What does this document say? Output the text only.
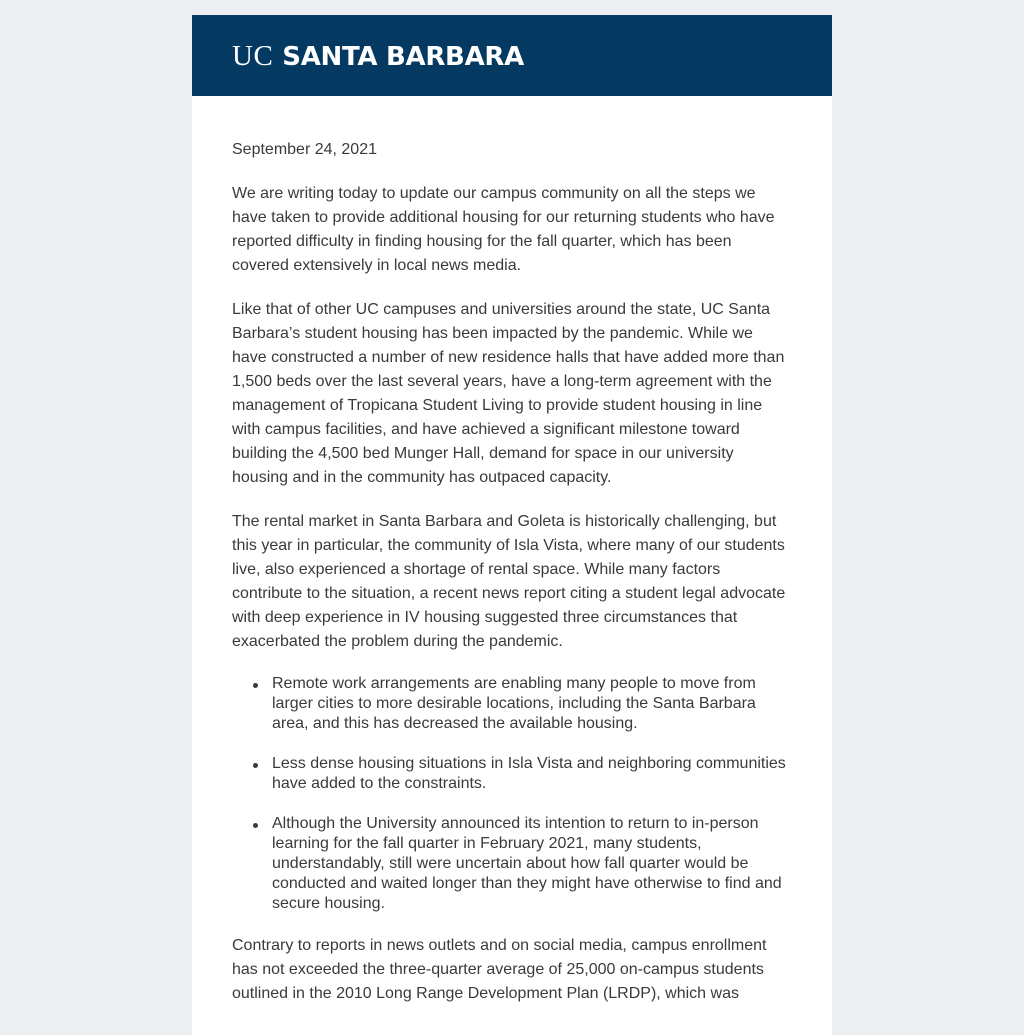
UC SANTA BARBARA

September 24, 2021

We are writing today to update our campus community on all the steps we have taken to provide additional housing for our returning students who have reported difficulty in finding housing for the fall quarter, which has been covered extensively in local news media.

Like that of other UC campuses and universities around the state, UC Santa Barbara’s student housing has been impacted by the pandemic. While we have constructed a number of new residence halls that have added more than 1,500 beds over the last several years, have a long-term agreement with the management of Tropicana Student Living to provide student housing in line with campus facilities, and have achieved a significant milestone toward building the 4,500 bed Munger Hall, demand for space in our university housing and in the community has outpaced capacity.

The rental market in Santa Barbara and Goleta is historically challenging, but this year in particular, the community of Isla Vista, where many of our students live, also experienced a shortage of rental space. While many factors contribute to the situation, a recent news report citing a student legal advocate with deep experience in IV housing suggested three circumstances that exacerbated the problem during the pandemic.

Remote work arrangements are enabling many people to move from larger cities to more desirable locations, including the Santa Barbara area, and this has decreased the available housing.
Less dense housing situations in Isla Vista and neighboring communities have added to the constraints.
Although the University announced its intention to return to in-person learning for the fall quarter in February 2021, many students, understandably, still were uncertain about how fall quarter would be conducted and waited longer than they might have otherwise to find and secure housing.

Contrary to reports in news outlets and on social media, campus enrollment has not exceeded the three-quarter average of 25,000 on-campus students outlined in the 2010 Long Range Development Plan (LRDP), which was
